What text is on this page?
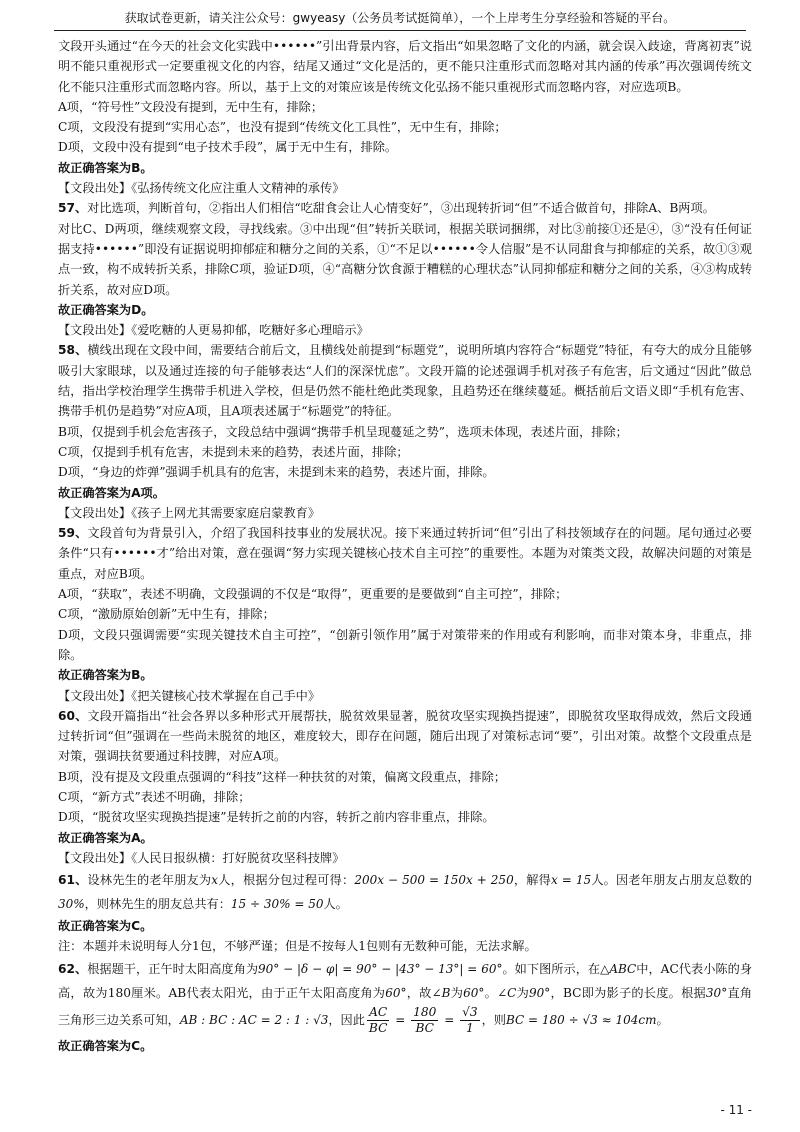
获取试卷更新，请关注公众号：gwyeasy（公务员考试挺简单），一个上岸考生分享经验和答疑的平台。

文段开头通过“在今天的社会文化实践中••••••”引出背景内容，后文指出“如果忽略了文化的内涵，就会误入歧途，背离初衷”说明不能只重视形式一定要重视文化的内容，结尾又通过“文化是活的，更不能只注重形式而忽略对其内涵的传承”再次强调传统文化不能只注重形式而忽略内容。所以，基于上文的对策应该是传统文化弘扬不能只重视形式而忽略内容，对应选项B。

A项，“符号性”文段没有提到，无中生有，排除；

C项，文段没有提到“实用心态”，也没有提到“传统文化工具性”，无中生有，排除；

D项，文段中没有提到“电子技术手段”，属于无中生有，排除。

故正确答案为B。

【文段出处】《弘扬传统文化应注重人文精神的承传》

57、对比选项，判断首句，②指出人们相信“吃甜食会让人心情变好”，③出现转折词“但”不适合做首句，排除A、B两项。

对比C、D两项，继续观察文段，寻找线索。③中出现“但”转折关联词，根据关联词捆绑，对比③前接①还是④，③“没有任何证据支持••••••”即没有证据说明抑郁症和糖分之间的关系，①“不足以••••••令人信服”是不认同甜食与抑郁症的关系，故①③观点一致，构不成转折关系，排除C项，验证D项，④“高糖分饮食源于糟糕的心理状态”认同抑郁症和糖分之间的关系，④③构成转折关系，故对应D项。

故正确答案为D。

【文段出处】《爱吃糖的人更易抑郁，吃糖好多心理暗示》

58、横线出现在文段中间，需要结合前后文，且横线处前提到“标题党”，说明所填内容符合“标题党”特征，有夸大的成分且能够吸引大家眼球，以及通过连接的句子能够表达“人们的深深忧虑”。文段开篇的论述强调手机对孩子有危害，后文通过“因此”做总结，指出学校治理学生携带手机进入学校，但是仍然不能杜绝此类现象，且趋势还在继续蔓延。概括前后文语义即“手机有危害、携带手机仍是趋势”对应A项，且A项表述属于“标题党”的特征。

B项，仅提到手机会危害孩子，文段总结中强调“携带手机呈现蔓延之势”，选项未体现，表述片面，排除；

C项，仅提到手机有危害，未提到未来的趋势，表述片面，排除；

D项，“身边的炸弹”强调手机具有的危害，未提到未来的趋势，表述片面，排除。

故正确答案为A项。

【文段出处】《孩子上网尤其需要家庭启蒙教育》

59、文段首句为背景引入，介绍了我国科技事业的发展状况。接下来通过转折词“但”引出了科技领域存在的问题。尾句通过必要条件“只有••••••才”给出对策，意在强调“努力实现关键核心技术自主可控”的重要性。本题为对策类文段，故解决问题的对策是重点，对应B项。

A项，“获取”，表述不明确，文段强调的不仅是“取得”，更重要的是要做到“自主可控”，排除；

C项，“激励原始创新”无中生有，排除；

D项，文段只强调需要“实现关键技术自主可控”，“创新引领作用”属于对策带来的作用或有利影响，而非对策本身，非重点，排除。

故正确答案为B。

【文段出处】《把关键核心技术掌握在自己手中》

60、文段开篇指出“社会各界以多种形式开展帮扶，脱贫效果显著，脱贫攻坚实现换挡提速”，即脱贫攻坚取得成效，然后文段通过转折词“但”强调在一些尚未脱贫的地区，难度较大，即存在问题，随后出现了对策标志词“要”，引出对策。故整个文段重点是对策，强调扶贫要通过科技脾，对应A项。

B项，没有提及文段重点强调的“科技”这样一种扶贫的对策，偏离文段重点，排除；

C项，“新方式”表述不明确，排除；

D项，“脱贫攻坚实现换挡提速”是转折之前的内容，转折之前内容非重点，排除。

故正确答案为A。

【文段出处】《人民日报纵横：打好脱贫攻坚科技牌》

61、设林先生的老年朋友为x人，根据分包过程可得：200x − 500 = 150x + 250，解得x = 15人。因老年朋友占朋友总数的30%，则林先生的朋友总共有：15 ÷ 30% = 50人。

故正确答案为C。

注：本题并未说明每人分1包，不够严谨；但是不按每人1包则有无数种可能，无法求解。

62、根据题干，正午时太阳高度角为90° − |δ − φ| = 90° − |43° − 13°| = 60°。如下图所示，在△ABC中，AC代表小陈的身高，故为180厘米。AB代表太阳光，由于正午太阳高度角为60°，故∠B为60°。∠C为90°，BC即为影子的长度。根据30°直角三角形三边关系可知，AB : BC : AC = 2 : 1 : √3，因此 $\frac{AC}{BC} = \frac{180}{BC} = \frac{√3}{1}$ ，则BC = 180 ÷ √3 ≈ 104cm。

故正确答案为C。

- 11 -
